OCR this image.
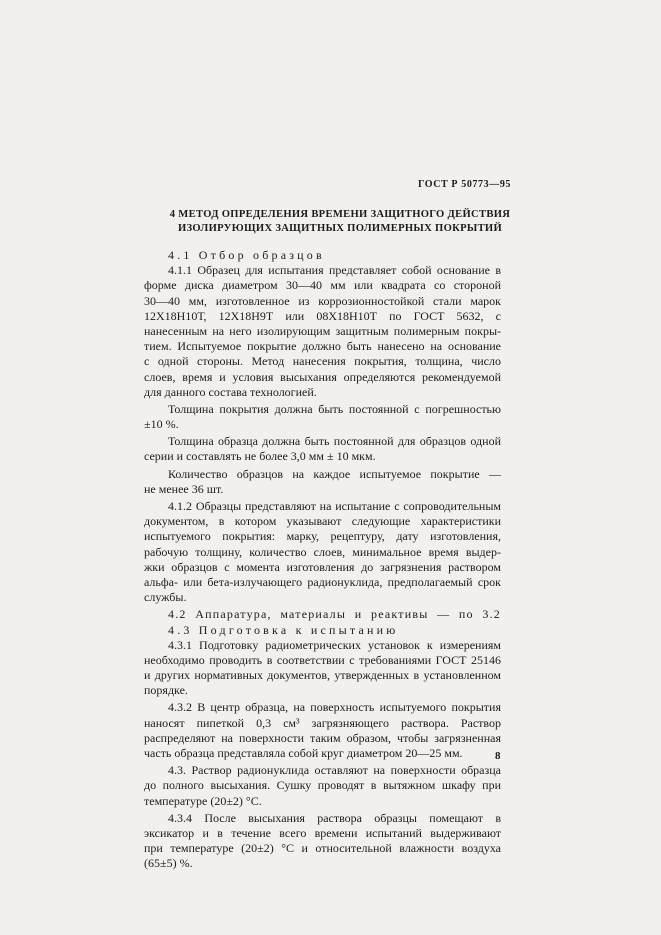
ГОСТ Р 50773—95
4 МЕТОД ОПРЕДЕЛЕНИЯ ВРЕМЕНИ ЗАЩИТНОГО ДЕЙСТВИЯ
ИЗОЛИРУЮЩИХ ЗАЩИТНЫХ ПОЛИМЕРНЫХ ПОКРЫТИЙ
4.1 Отбор образцов
4.1.1 Образец для испытания представляет собой основание в
форме диска диаметром 30—40 мм или квадрата со стороной
30—40 мм, изготовленное из коррозионностойкой стали марок
12Х18Н10Т, 12Х18Н9Т или 08Х18Н10Т по ГОСТ 5632, с
нанесенным на него изолирующим защитным полимерным покры-
тием. Испытуемое покрытие должно быть нанесено на основание
с одной стороны. Метод нанесения покрытия, толщина, число
слоев, время и условия высыхания определяются рекомендуемой
для данного состава технологией.
Толщина покрытия должна быть постоянной с погрешностью
±10 %.
Толщина образца должна быть постоянной для образцов одной
серии и составлять не более 3,0 мм ± 10 мкм.
Количество образцов на каждое испытуемое покрытие —
не менее 36 шт.
4.1.2 Образцы представляют на испытание с сопроводительным
документом, в котором указывают следующие характеристики
испытуемого покрытия: марку, рецептуру, дату изготовления,
рабочую толщину, количество слоев, минимальное время выдер-
жки образцов с момента изготовления до загрязнения раствором
альфа- или бета-излучающего радионуклида, предполагаемый срок
службы.
4.2 Аппаратура, материалы и реактивы — по 3.2
4.3 Подготовка к испытанию
4.3.1 Подготовку радиометрических установок к измерениям
необходимо проводить в соответствии с требованиями ГОСТ 25146
и других нормативных документов, утвержденных в установленном
порядке.
4.3.2 В центр образца, на поверхность испытуемого покрытия
наносят пипеткой 0,3 см³ загрязняющего раствора. Раствор
распределяют на поверхности таким образом, чтобы загрязненная
часть образца представляла собой круг диаметром 20—25 мм.
4.3. Раствор радионуклида оставляют на поверхности образца
до полного высыхания. Сушку проводят в вытяжном шкафу при
температуре (20±2) °С.
4.3.4 После высыхания раствора образцы помещают в
эксикатор и в течение всего времени испытаний выдерживают
при температуре (20±2) °С и относительной влажности воздуха
(65±5) %.
8
